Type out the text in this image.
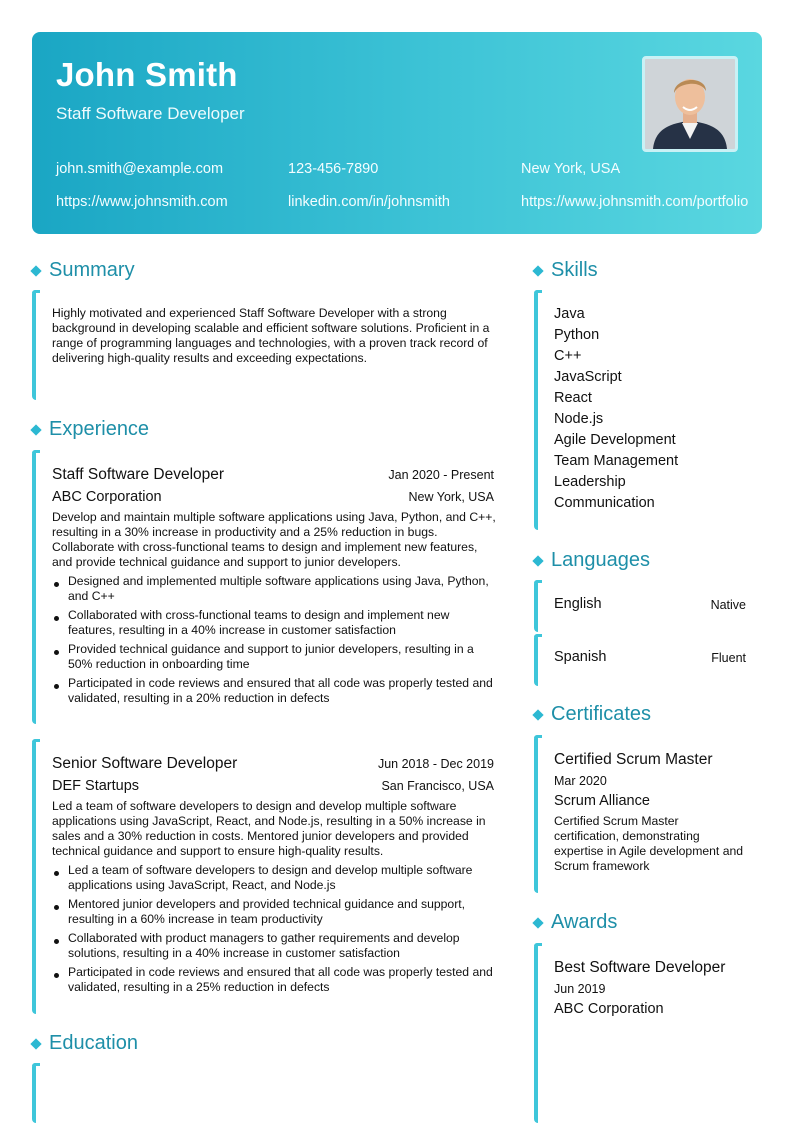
John Smith
Staff Software Developer
john.smith@example.com	123-456-7890	New York, USA
https://www.johnsmith.com	linkedin.com/in/johnsmith	https://www.johnsmith.com/portfolio
Summary
Highly motivated and experienced Staff Software Developer with a strong background in developing scalable and efficient software solutions. Proficient in a range of programming languages and technologies, with a proven track record of delivering high-quality results and exceeding expectations.
Experience
Staff Software Developer	Jan 2020 - Present
ABC Corporation	New York, USA
Develop and maintain multiple software applications using Java, Python, and C++, resulting in a 30% increase in productivity and a 25% reduction in bugs. Collaborate with cross-functional teams to design and implement new features, and provide technical guidance and support to junior developers.
Designed and implemented multiple software applications using Java, Python, and C++
Collaborated with cross-functional teams to design and implement new features, resulting in a 40% increase in customer satisfaction
Provided technical guidance and support to junior developers, resulting in a 50% reduction in onboarding time
Participated in code reviews and ensured that all code was properly tested and validated, resulting in a 20% reduction in defects
Senior Software Developer	Jun 2018 - Dec 2019
DEF Startups	San Francisco, USA
Led a team of software developers to design and develop multiple software applications using JavaScript, React, and Node.js, resulting in a 50% increase in sales and a 30% reduction in costs. Mentored junior developers and provided technical guidance and support to ensure high-quality results.
Led a team of software developers to design and develop multiple software applications using JavaScript, React, and Node.js
Mentored junior developers and provided technical guidance and support, resulting in a 60% increase in team productivity
Collaborated with product managers to gather requirements and develop solutions, resulting in a 40% increase in customer satisfaction
Participated in code reviews and ensured that all code was properly tested and validated, resulting in a 25% reduction in defects
Education
Skills
Java
Python
C++
JavaScript
React
Node.js
Agile Development
Team Management
Leadership
Communication
Languages
English	Native
Spanish	Fluent
Certificates
Certified Scrum Master
Mar 2020
Scrum Alliance
Certified Scrum Master certification, demonstrating expertise in Agile development and Scrum framework
Awards
Best Software Developer
Jun 2019
ABC Corporation
